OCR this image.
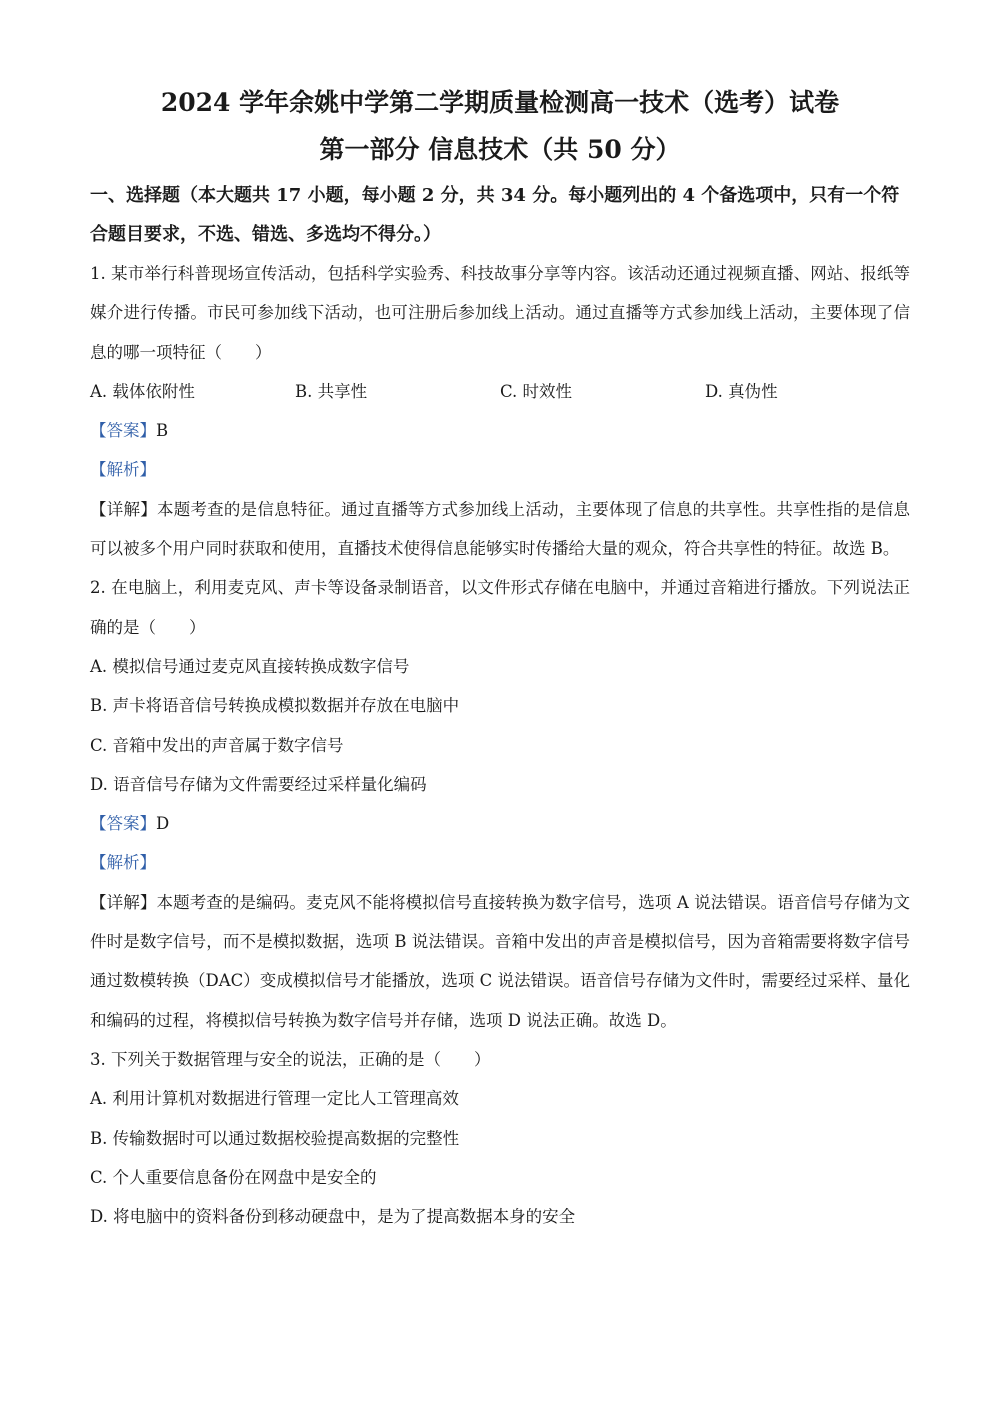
2024 学年余姚中学第二学期质量检测高一技术（选考）试卷
第一部分 信息技术（共 50 分）

一、选择题（本大题共 17 小题，每小题 2 分，共 34 分。每小题列出的 4 个备选项中，只有一个符合题目要求，不选、错选、多选均不得分。）

1. 某市举行科普现场宣传活动，包括科学实验秀、科技故事分享等内容。该活动还通过视频直播、网站、报纸等媒介进行传播。市民可参加线下活动，也可注册后参加线上活动。通过直播等方式参加线上活动，主要体现了信息的哪一项特征（　　）

A. 载体依附性	B. 共享性	C. 时效性	D. 真伪性

【答案】B

【解析】

【详解】本题考查的是信息特征。通过直播等方式参加线上活动，主要体现了信息的共享性。共享性指的是信息可以被多个用户同时获取和使用，直播技术使得信息能够实时传播给大量的观众，符合共享性的特征。故选 B。

2. 在电脑上，利用麦克风、声卡等设备录制语音，以文件形式存储在电脑中，并通过音箱进行播放。下列说法正确的是（　　）

A. 模拟信号通过麦克风直接转换成数字信号

B. 声卡将语音信号转换成模拟数据并存放在电脑中

C. 音箱中发出的声音属于数字信号

D. 语音信号存储为文件需要经过采样量化编码

【答案】D

【解析】

【详解】本题考查的是编码。麦克风不能将模拟信号直接转换为数字信号，选项 A 说法错误。语音信号存储为文件时是数字信号，而不是模拟数据，选项 B 说法错误。音箱中发出的声音是模拟信号，因为音箱需要将数字信号通过数模转换（DAC）变成模拟信号才能播放，选项 C 说法错误。语音信号存储为文件时，需要经过采样、量化和编码的过程，将模拟信号转换为数字信号并存储，选项 D 说法正确。故选 D。

3. 下列关于数据管理与安全的说法，正确的是（　　）

A. 利用计算机对数据进行管理一定比人工管理高效

B. 传输数据时可以通过数据校验提高数据的完整性

C. 个人重要信息备份在网盘中是安全的

D. 将电脑中的资料备份到移动硬盘中，是为了提高数据本身的安全
